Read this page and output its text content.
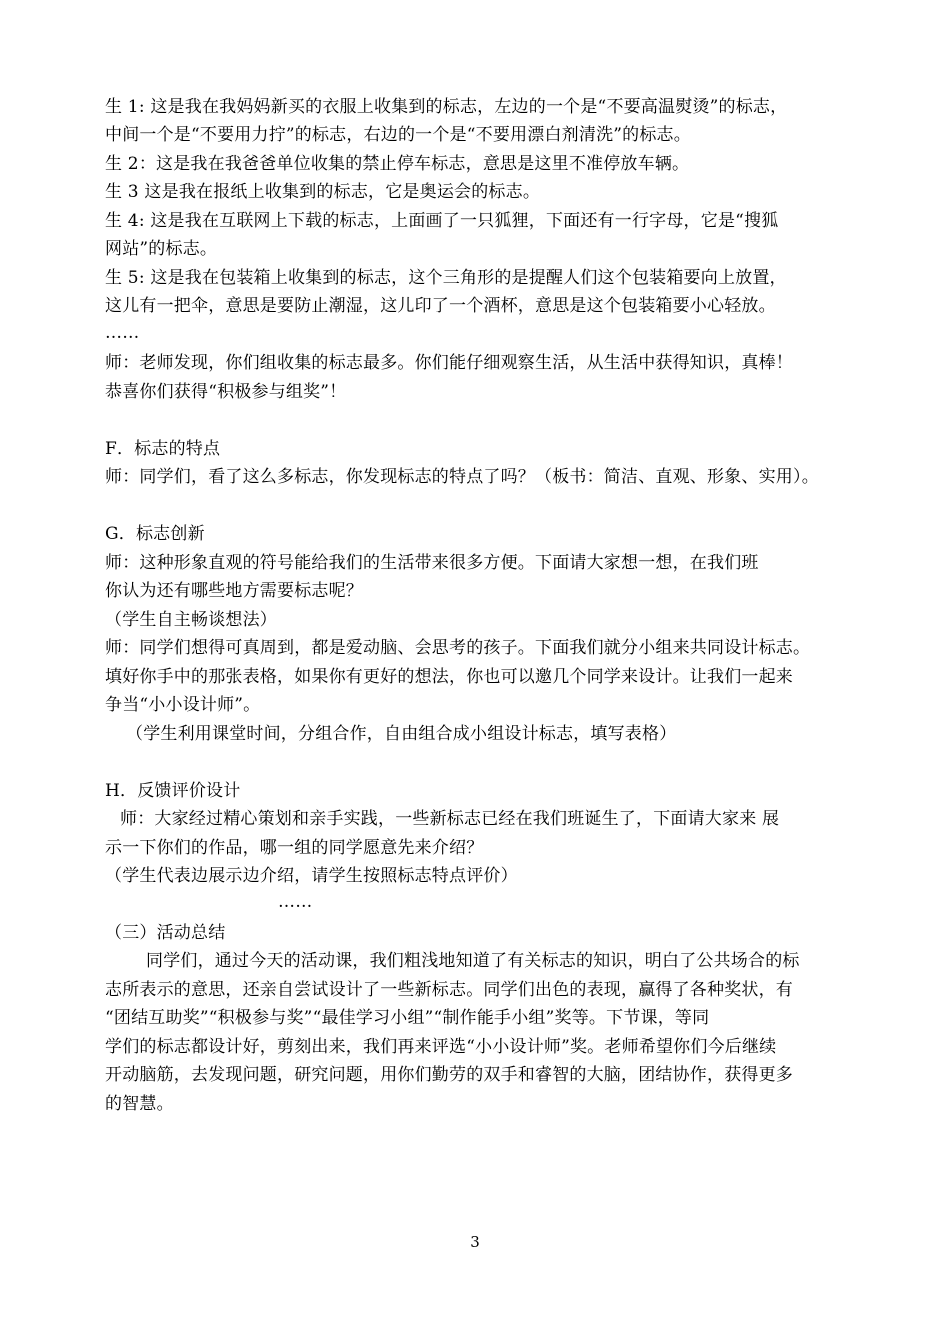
生 1: 这是我在我妈妈新买的衣服上收集到的标志，左边的一个是“不要高温熨烫”的标志，
中间一个是“不要用力拧”的标志，右边的一个是“不要用漂白剂清洗”的标志。
生 2：这是我在我爸爸单位收集的禁止停车标志，意思是这里不准停放车辆。
生 3 这是我在报纸上收集到的标志，它是奥运会的标志。
生 4: 这是我在互联网上下载的标志，上面画了一只狐狸，下面还有一行字母，它是“搜狐
网站”的标志。
生 5: 这是我在包装箱上收集到的标志，这个三角形的是提醒人们这个包装箱要向上放置，
这儿有一把伞，意思是要防止潮湿，这儿印了一个酒杯，意思是这个包装箱要小心轻放。
……
师：老师发现，你们组收集的标志最多。你们能仔细观察生活，从生活中获得知识，真棒！
恭喜你们获得“积极参与组奖”！
F．标志的特点
师：同学们，看了这么多标志，你发现标志的特点了吗？（板书：简洁、直观、形象、实用）。
G．标志创新
师：这种形象直观的符号能给我们的生活带来很多方便。下面请大家想一想，在我们班
你认为还有哪些地方需要标志呢？
（学生自主畅谈想法）
师：同学们想得可真周到，都是爱动脑、会思考的孩子。下面我们就分小组来共同设计标志。
填好你手中的那张表格，如果你有更好的想法，你也可以邀几个同学来设计。让我们一起来
争当“小小设计师”。
（学生利用课堂时间，分组合作，自由组合成小组设计标志，填写表格）
H．反馈评价设计
师：大家经过精心策划和亲手实践，一些新标志已经在我们班诞生了，下面请大家来 展
示一下你们的作品，哪一组的同学愿意先来介绍？
（学生代表边展示边介绍，请学生按照标志特点评价）
……
（三）活动总结
同学们，通过今天的活动课，我们粗浅地知道了有关标志的知识，明白了公共场合的标
志所表示的意思，还亲自尝试设计了一些新标志。同学们出色的表现，赢得了各种奖状，有
“团结互助奖”“积极参与奖”“最佳学习小组”“制作能手小组”奖等。下节课，等同
学们的标志都设计好，剪刻出来，我们再来评选“小小设计师”奖。老师希望你们今后继续
开动脑筋，去发现问题，研究问题，用你们勤劳的双手和睿智的大脑，团结协作，获得更多
的智慧。
3
